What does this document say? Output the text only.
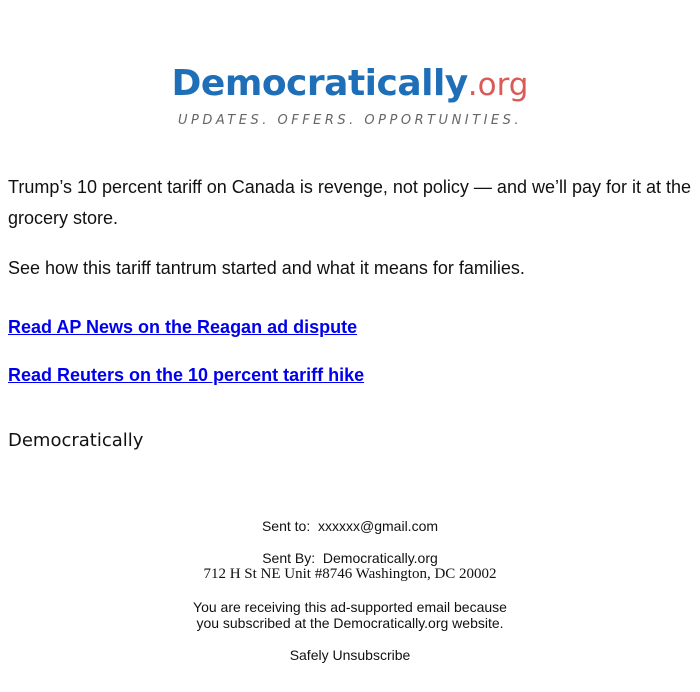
Democratically.org
UPDATES. OFFERS. OPPORTUNITIES.

Trump’s 10 percent tariff on Canada is revenge, not policy — and we’ll pay for it at the grocery store.

See how this tariff tantrum started and what it means for families.

Read AP News on the Reagan ad dispute
Read Reuters on the 10 percent tariff hike
Democratically
Sent to: xxxxxx@gmail.com
Sent By: Democratically.org
712 H St NE Unit #8746 Washington, DC 20002
You are receiving this ad-supported email because
you subscribed at the Democratically.org website.
Safely Unsubscribe
